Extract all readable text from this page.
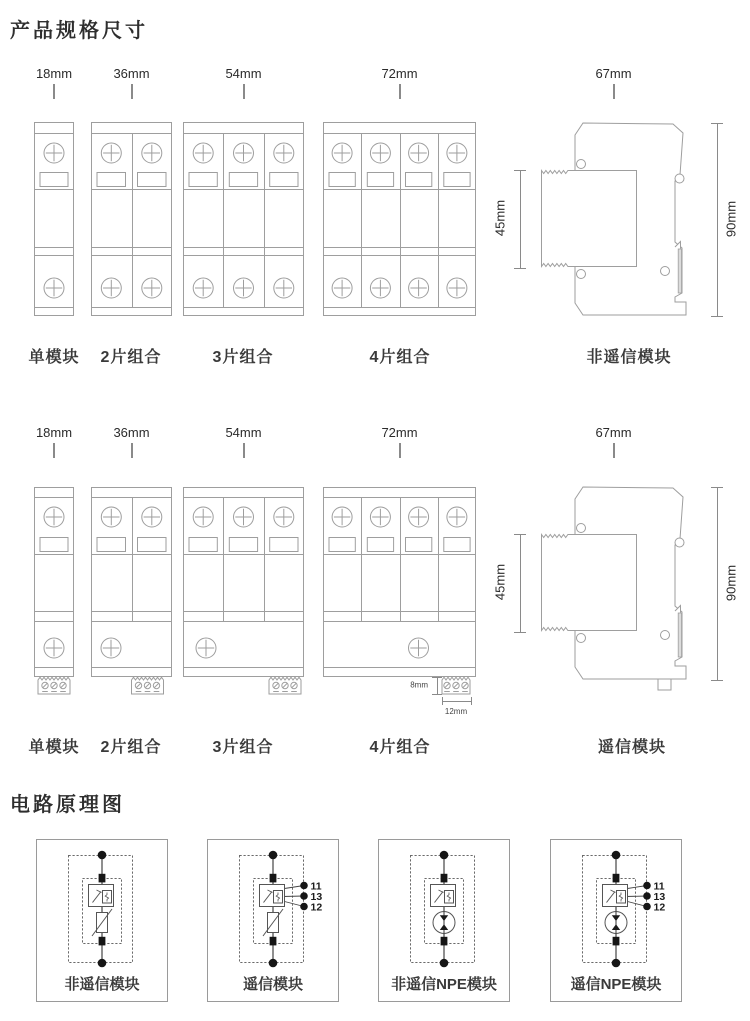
产品规格尺寸
18mm	36mm	54mm	72mm	67mm
45mm	90mm
单模块 2片组合	3片组合	4片组合	非遥信模块
18mm	36mm	54mm	72mm	67mm
45mm	90mm
8mm
12mm
单模块 2片组合	3片组合	4片组合	遥信模块
电路原理图
非遥信模块
11
13
12
遥信模块	非遥信NPE模块
11
13
12
遥信NPE模块
